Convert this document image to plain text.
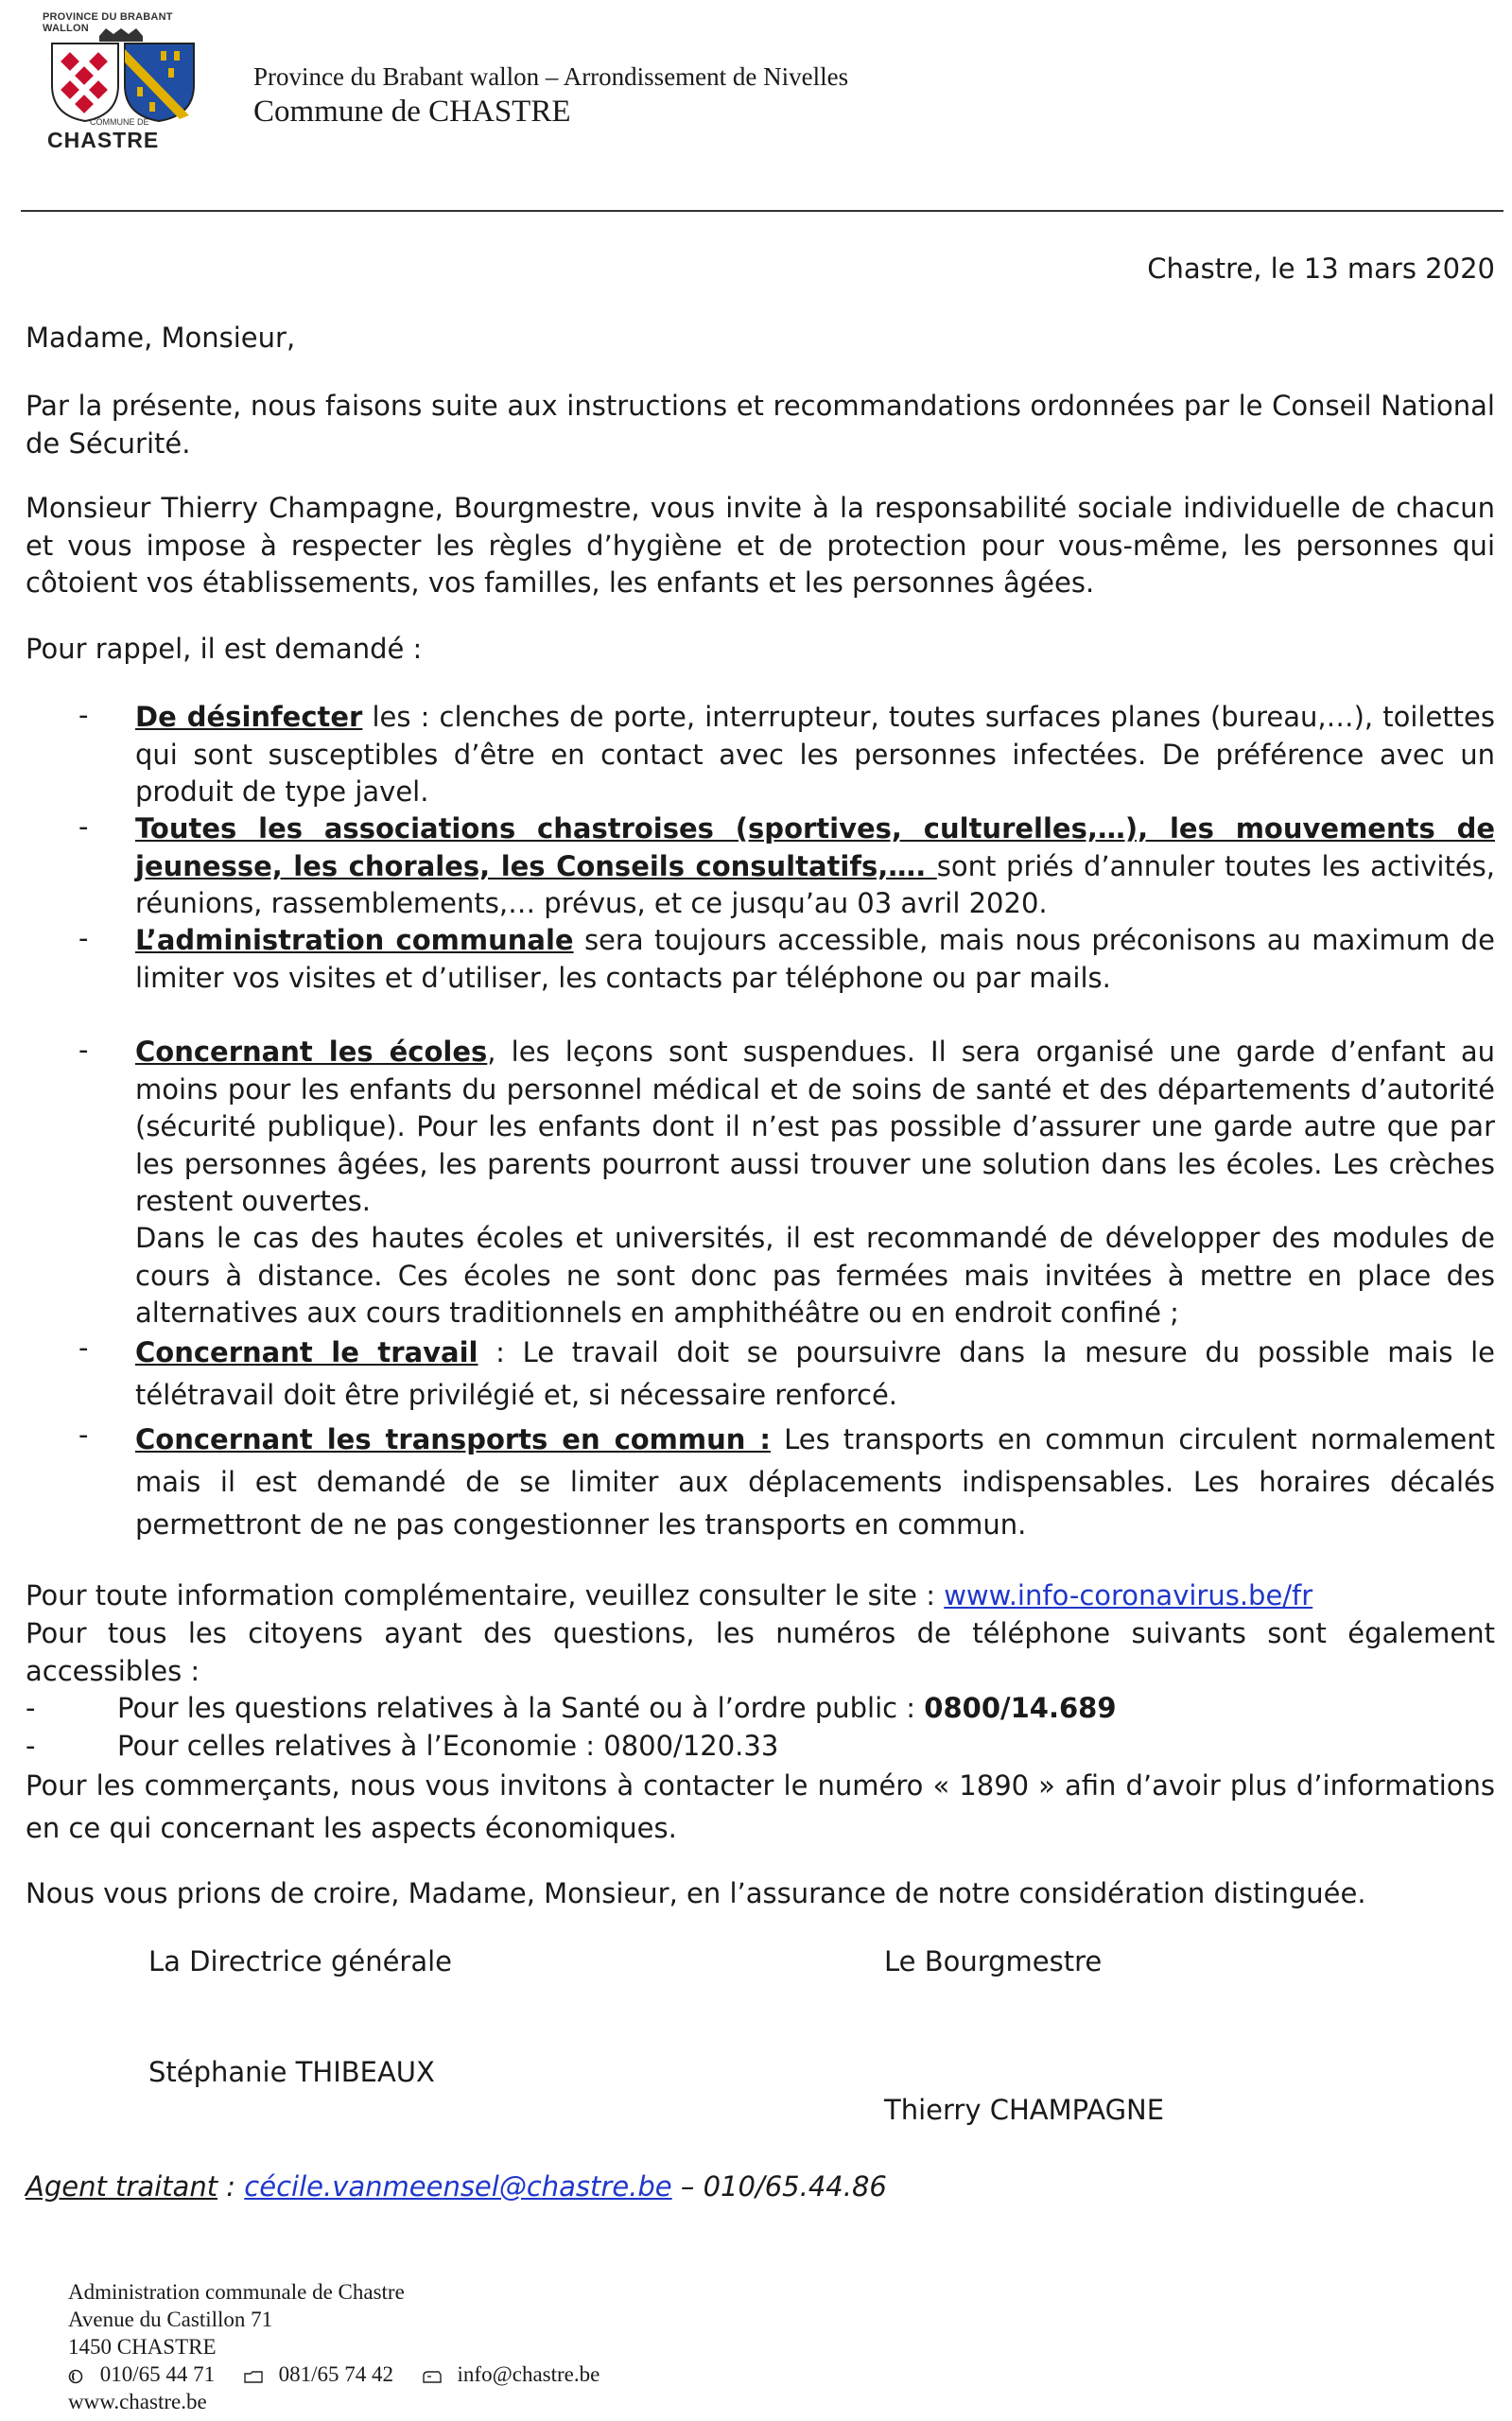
PROVINCE DU BRABANT WALLON
COMMUNE DE
CHASTRE
Province du Brabant wallon – Arrondissement de Nivelles
Commune de CHASTRE
Chastre, le 13 mars 2020
Madame, Monsieur,
Par la présente, nous faisons suite aux instructions et recommandations ordonnées par le Conseil National de Sécurité.
Monsieur Thierry Champagne, Bourgmestre, vous invite à la responsabilité sociale individuelle de chacun et vous impose à respecter les règles d’hygiène et de protection pour vous-même, les personnes qui côtoient vos établissements, vos familles, les enfants et les personnes âgées.
Pour rappel, il est demandé :
- De désinfecter les : clenches de porte, interrupteur, toutes surfaces planes (bureau,…), toilettes qui sont susceptibles d’être en contact avec les personnes infectées. De préférence avec un produit de type javel.
- Toutes les associations chastroises (sportives, culturelles,…), les mouvements de jeunesse, les chorales, les Conseils consultatifs,…. sont priés d’annuler toutes les activités, réunions, rassemblements,… prévus, et ce jusqu’au 03 avril 2020.
- L’administration communale sera toujours accessible, mais nous préconisons au maximum de limiter vos visites et d’utiliser, les contacts par téléphone ou par mails.
- Concernant les écoles, les leçons sont suspendues. Il sera organisé une garde d’enfant au moins pour les enfants du personnel médical et de soins de santé et des départements d’autorité (sécurité publique). Pour les enfants dont il n’est pas possible d’assurer une garde autre que par les personnes âgées, les parents pourront aussi trouver une solution dans les écoles. Les crèches restent ouvertes.
Dans le cas des hautes écoles et universités, il est recommandé de développer des modules de cours à distance. Ces écoles ne sont donc pas fermées mais invitées à mettre en place des alternatives aux cours traditionnels en amphithéâtre ou en endroit confiné ;
- Concernant le travail : Le travail doit se poursuivre dans la mesure du possible mais le télétravail doit être privilégié et, si nécessaire renforcé.
- Concernant les transports en commun : Les transports en commun circulent normalement mais il est demandé de se limiter aux déplacements indispensables. Les horaires décalés permettront de ne pas congestionner les transports en commun.
Pour toute information complémentaire, veuillez consulter le site : www.info-coronavirus.be/fr
Pour tous les citoyens ayant des questions, les numéros de téléphone suivants sont également accessibles :
-	Pour les questions relatives à la Santé ou à l’ordre public : 0800/14.689
-	Pour celles relatives à l’Economie : 0800/120.33
Pour les commerçants, nous vous invitons à contacter le numéro « 1890 » afin d’avoir plus d’informations en ce qui concernant les aspects économiques.
Nous vous prions de croire, Madame, Monsieur, en l’assurance de notre considération distinguée.
La Directrice générale	Le Bourgmestre
Stéphanie THIBEAUX
Thierry CHAMPAGNE
Agent traitant : cécile.vanmeensel@chastre.be – 010/65.44.86
Administration communale de Chastre
Avenue du Castillon 71
1450 CHASTRE
010/65 44 71	081/65 74 42	info@chastre.be
www.chastre.be
